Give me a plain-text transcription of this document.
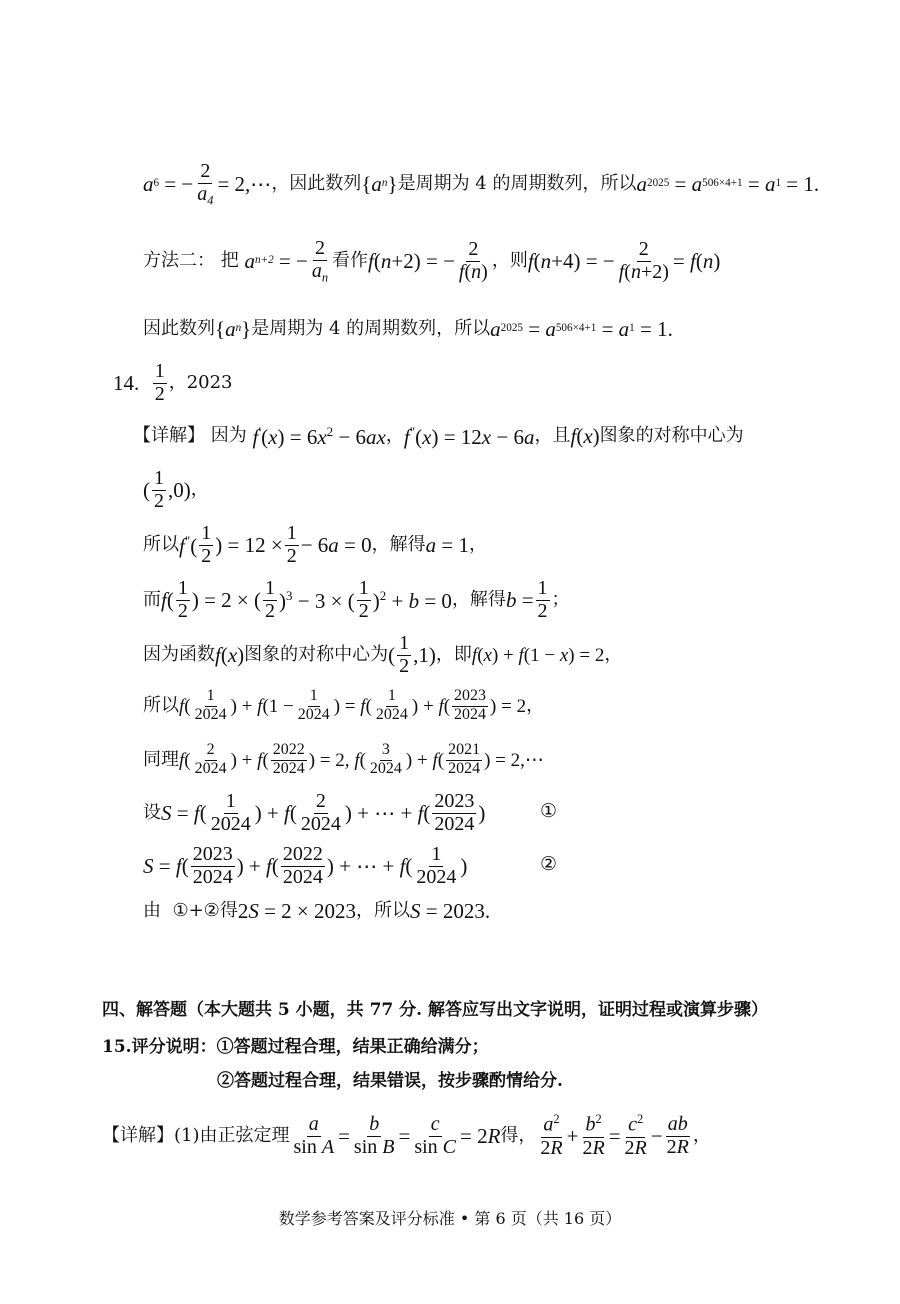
a 6 = − $\frac{2}{a_4}$ = 2,⋯ ，因此数列 { a n } 是周期为 4 的周期数列，所以 a 2025 = a 506×4+1 = a 1 = 1.
方法二： 把
a n+2 = − $\frac{2}{a_n}$ 看作 f(n+2) = − $\frac{2}{f(n)}$ ，则 f(n+4) = − $\frac{2}{f(n+2)} = f(n)$
因此数列 { a n } 是周期为 4 的周期数列，所以 a 2025 = a 506×4+1 = a 1 = 1.
14.
1
2
，2023
【详解】
因为
$f'(x) = 6x^2 - 6ax$ ， f″(x) = 12x − 6a ，且 f(x) 图象的对称中心为
( 1
2 ,0) ，
所以 f″(
1
2 ) = $12 \times \frac{1}{2} - 6a = 0$ ，解得 a = 1 ，
而 f( 1
2 ) = 2 × ( 1
2 )$^3$ − 3 × (
1
2 )$^2$ + b = 0 ，解得 $b = \frac{1}{2}$ ；
因为函数 f(x) 图象的对称中心为 ( 1
2 ,1) ，即 f(x) + f(1 − x) = 2 ，
所以 f( 1
2024 ) + $f(1 - \frac{1}{2024}$ ) = f( 1
2024 ) + f( 2023
2024 ) = 2 ，
同理 f( 2
2024 ) + f( 2022
2024 ) = 2, f( 3
2024 ) + f( 2021
2024 ) = 2,⋯
设 S = f( 1
2024 ) + f( 2
2024 ) + ⋯ + f( 2023
2024 )	①
S = f( 2023
2024 ) + f( 2022
2024 ) + ⋯ + f( 1
2024 )	②
由
①+② 得 2S = 2 × 2023 ，所以 S = 2023.
四、解答题（本大题共 5 小题，共 77 分. 解答应写出文字说明，证明过程或演算步骤）
15.评分说明：①答题过程合理，结果正确给满分；
②答题过程合理，结果错误，按步骤酌情给分.
【详解】(1)由正弦定理 $\frac{a}{\text{sin A}} = \frac{b}{\text{sin B}} = \frac{c}{\text{sin C}} = 2R$ 得， $a^2$
2R
+ $\frac{b^2}{2R} = \frac{c^2}{2R} - \frac{ab}{2R}$ ，
数学参考答案及评分标准 • 第 6 页（共 16 页）
